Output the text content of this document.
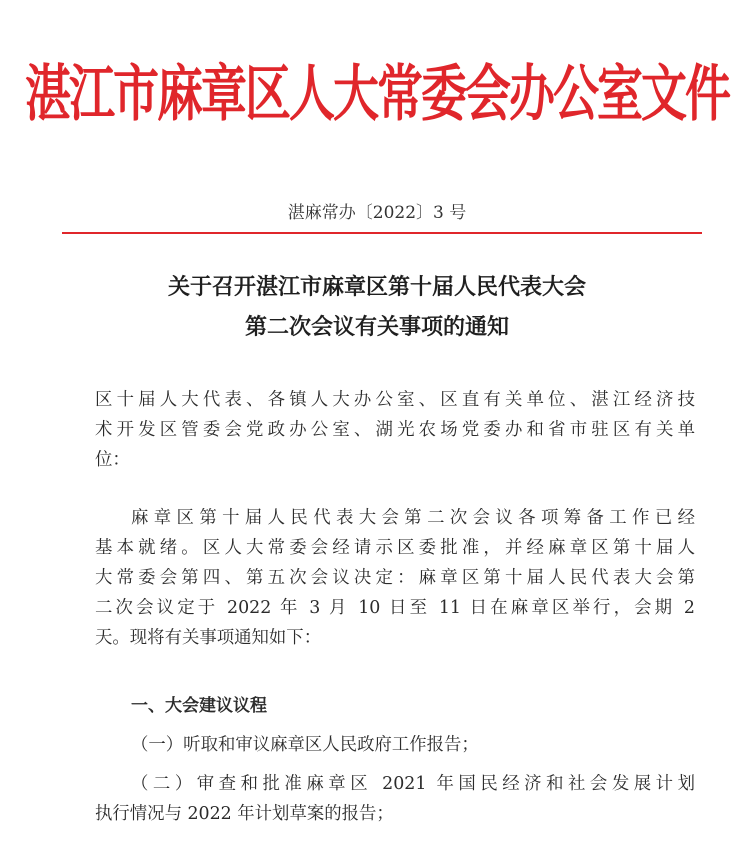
湛江市麻章区人大常委会办公室文件
湛麻常办〔2022〕3 号
关于召开湛江市麻章区第十届人民代表大会
第二次会议有关事项的通知
区十届人大代表、各镇人大办公室、区直有关单位、湛江经济技
术开发区管委会党政办公室、湖光农场党委办和省市驻区有关单
位：
麻章区第十届人民代表大会第二次会议各项筹备工作已经
基本就绪。区人大常委会经请示区委批准，并经麻章区第十届人
大常委会第四、第五次会议决定：麻章区第十届人民代表大会第
二次会议定于 2022 年 3 月 10 日至 11 日在麻章区举行，会期 2
天。现将有关事项通知如下：
一、大会建议议程
（一）听取和审议麻章区人民政府工作报告；
（二）审查和批准麻章区 2021 年国民经济和社会发展计划
执行情况与 2022 年计划草案的报告；
